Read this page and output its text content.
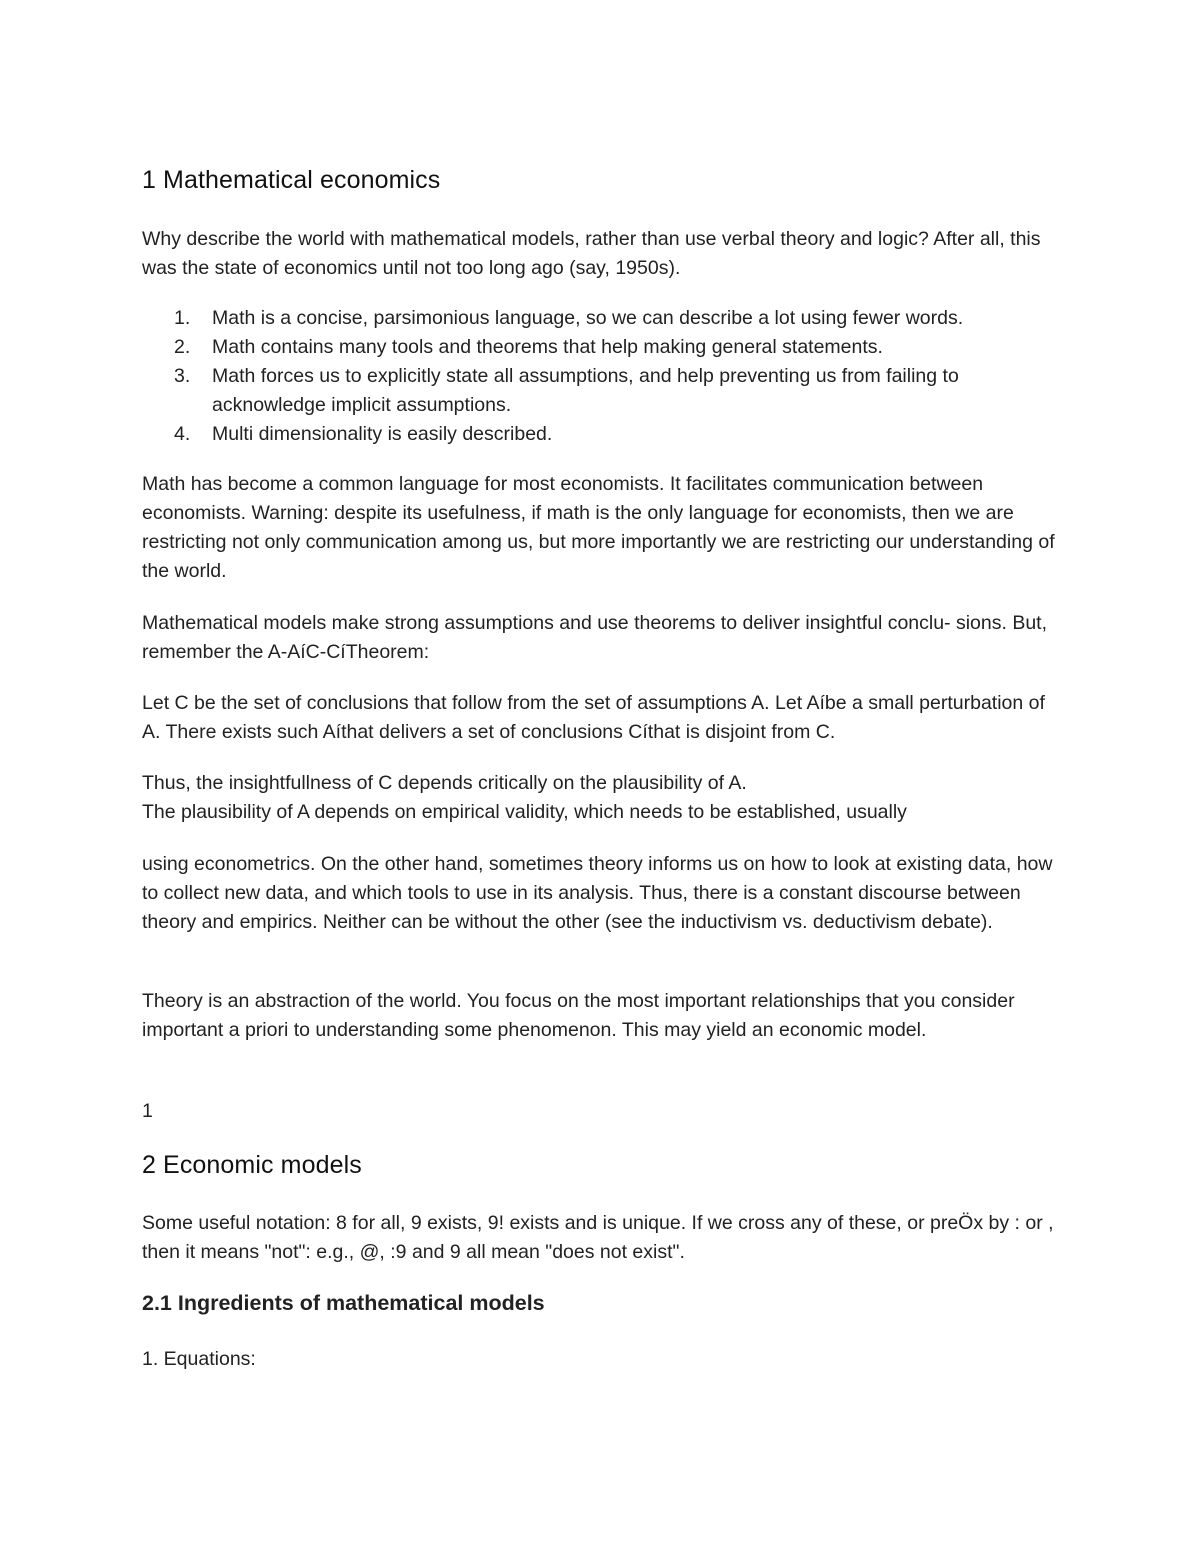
1 Mathematical economics

Why describe the world with mathematical models, rather than use verbal theory and logic? After all, this was the state of economics until not too long ago (say, 1950s).

1. Math is a concise, parsimonious language, so we can describe a lot using fewer words.
2. Math contains many tools and theorems that help making general statements.
3. Math forces us to explicitly state all assumptions, and help preventing us from failing to acknowledge implicit assumptions.
4. Multi dimensionality is easily described.

Math has become a common language for most economists. It facilitates communication between economists. Warning: despite its usefulness, if math is the only language for economists, then we are restricting not only communication among us, but more importantly we are restricting our understanding of the world.

Mathematical models make strong assumptions and use theorems to deliver insightful conclu- sions. But, remember the A-AíC-CíTheorem:

Let C be the set of conclusions that follow from the set of assumptions A. Let Aíbe a small perturbation of A. There exists such Aíthat delivers a set of conclusions Cíthat is disjoint from C.

Thus, the insightfullness of C depends critically on the plausibility of A.

The plausibility of A depends on empirical validity, which needs to be established, usually

using econometrics. On the other hand, sometimes theory informs us on how to look at existing data, how to collect new data, and which tools to use in its analysis. Thus, there is a constant discourse between theory and empirics. Neither can be without the other (see the inductivism vs. deductivism debate).

Theory is an abstraction of the world. You focus on the most important relationships that you consider important a priori to understanding some phenomenon. This may yield an economic model.

1

2 Economic models

Some useful notation: 8 for all, 9 exists, 9! exists and is unique. If we cross any of these, or preÖx by : or , then it means "not": e.g., @, :9 and 9 all mean "does not exist".

2.1 Ingredients of mathematical models

1. Equations:
